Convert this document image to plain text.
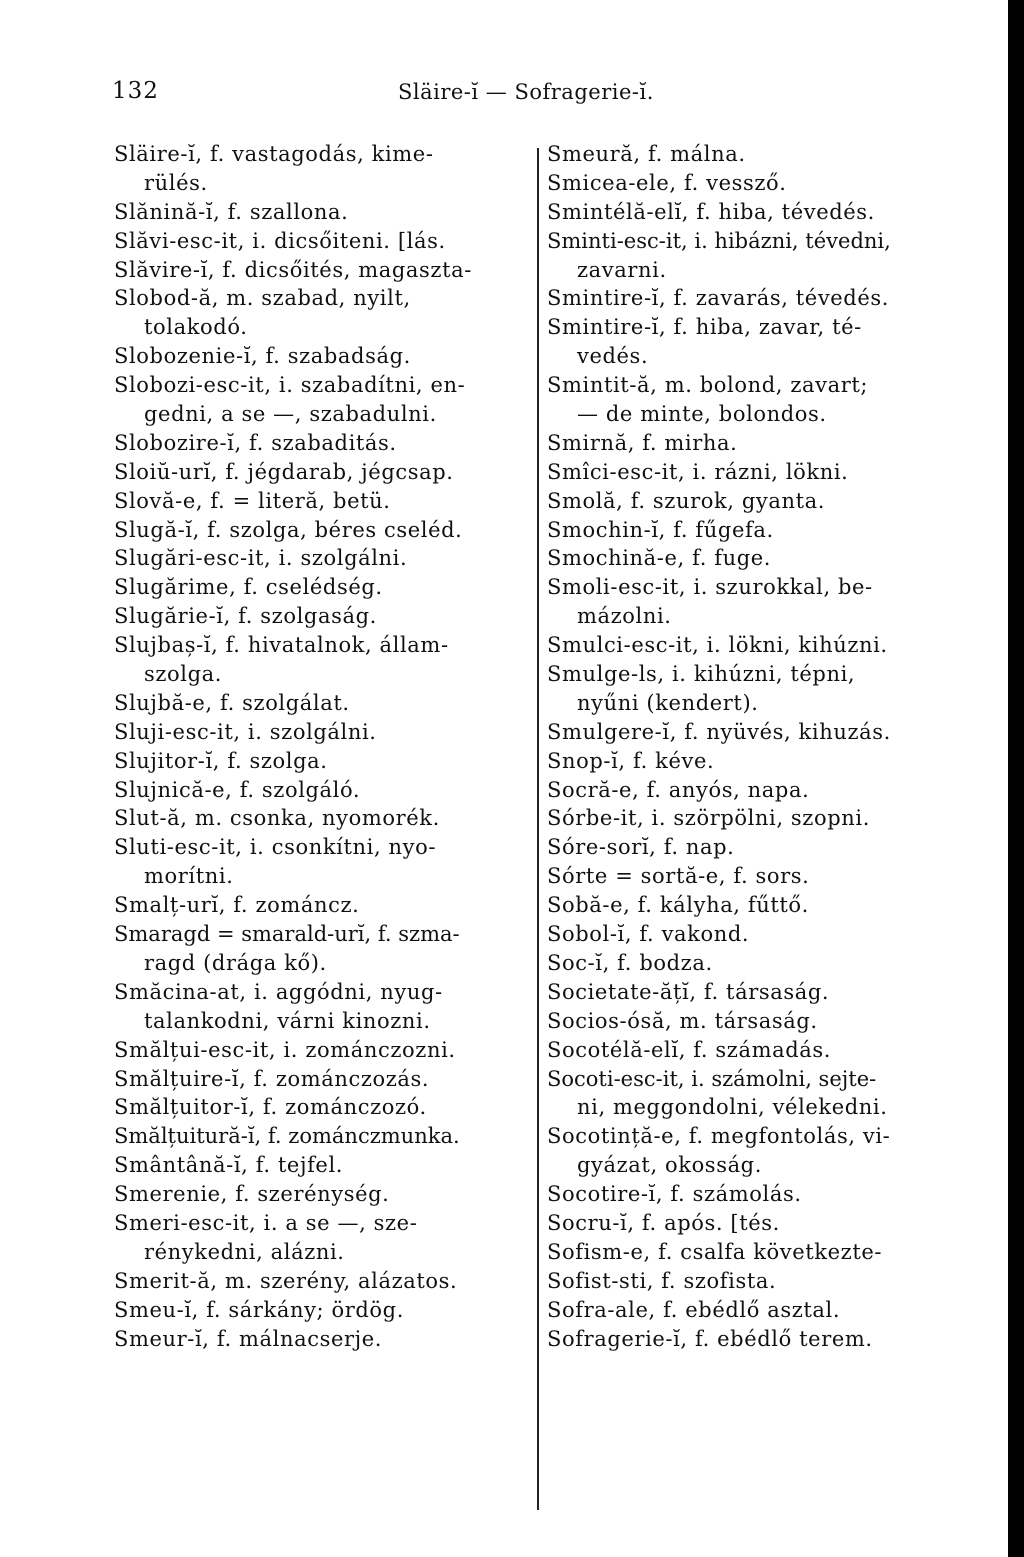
132	Släire-ĭ — Sofragerie-ĭ.
Släire-ĭ, f. vastagodás, kime-
rülés.
Slănină-ĭ, f. szallona.
Slăvi-esc-it, i. dicsőiteni. [lás.
Slăvire-ĭ, f. dicsőités, magaszta-
Slobod-ă, m. szabad, nyilt,
tolakodó.
Slobozenie-ĭ, f. szabadság.
Slobozi-esc-it, i. szabadítni, en-
gedni, a se —, szabadulni.
Slobozire-ĭ, f. szabaditás.
Sloiŭ-urĭ, f. jégdarab, jégcsap.
Slovă-e, f. = literă, betü.
Slugă-ĭ, f. szolga, béres cseléd.
Slugări-esc-it, i. szolgálni.
Slugărime, f. cselédség.
Slugărie-ĭ, f. szolgaság.
Slujbaș-ĭ, f. hivatalnok, állam-
szolga.
Slujbă-e, f. szolgálat.
Sluji-esc-it, i. szolgálni.
Slujitor-ĭ, f. szolga.
Slujnică-e, f. szolgáló.
Slut-ă, m. csonka, nyomorék.
Sluti-esc-it, i. csonkítni, nyo-
morítni.
Smalț-urĭ, f. zománcz.
Smaragd = smarald-urĭ, f. szma-
ragd (drága kő).
Smăcina-at, i. aggódni, nyug-
talankodni, várni kinozni.
Smălțui-esc-it, i. zománczozni.
Smălțuire-ĭ, f. zománczozás.
Smălțuitor-ĭ, f. zománczozó.
Smălțuitură-ĭ, f. zománczmunka.
Smântână-ĭ, f. tejfel.
Smerenie, f. szerénység.
Smeri-esc-it, i. a se —, sze-
rénykedni, alázni.
Smerit-ă, m. szerény, alázatos.
Smeu-ĭ, f. sárkány; ördög.
Smeur-ĭ, f. málnacserje.
Smeură, f. málna.
Smicea-ele, f. vessző.
Smintélă-elĭ, f. hiba, tévedés.
Sminti-esc-it, i. hibázni, tévedni,
zavarni.
Smintire-ĭ, f. zavarás, tévedés.
Smintire-ĭ, f. hiba, zavar, té-
vedés.
Smintit-ă, m. bolond, zavart;
— de minte, bolondos.
Smirnă, f. mirha.
Smîci-esc-it, i. rázni, lökni.
Smolă, f. szurok, gyanta.
Smochin-ĭ, f. fűgefa.
Smochină-e, f. fuge.
Smoli-esc-it, i. szurokkal, be-
mázolni.
Smulci-esc-it, i. lökni, kihúzni.
Smulge-ls, i. kihúzni, tépni,
nyűni (kendert).
Smulgere-ĭ, f. nyüvés, kihuzás.
Snop-ĭ, f. kéve.
Socră-e, f. anyós, napa.
Sórbe-it, i. szörpölni, szopni.
Sóre-sorĭ, f. nap.
Sórte = sortă-e, f. sors.
Sobă-e, f. kályha, fűttő.
Sobol-ĭ, f. vakond.
Soc-ĭ, f. bodza.
Societate-ățĭ, f. társaság.
Socios-ósă, m. társaság.
Socotélă-elĭ, f. számadás.
Socoti-esc-it, i. számolni, sejte-
ni, meggondolni, vélekedni.
Socotință-e, f. megfontolás, vi-
gyázat, okosság.
Socotire-ĭ, f. számolás.
Socru-ĭ, f. após. [tés.
Sofism-e, f. csalfa következte-
Sofist-sti, f. szofista.
Sofra-ale, f. ebédlő asztal.
Sofragerie-ĭ, f. ebédlő terem.
